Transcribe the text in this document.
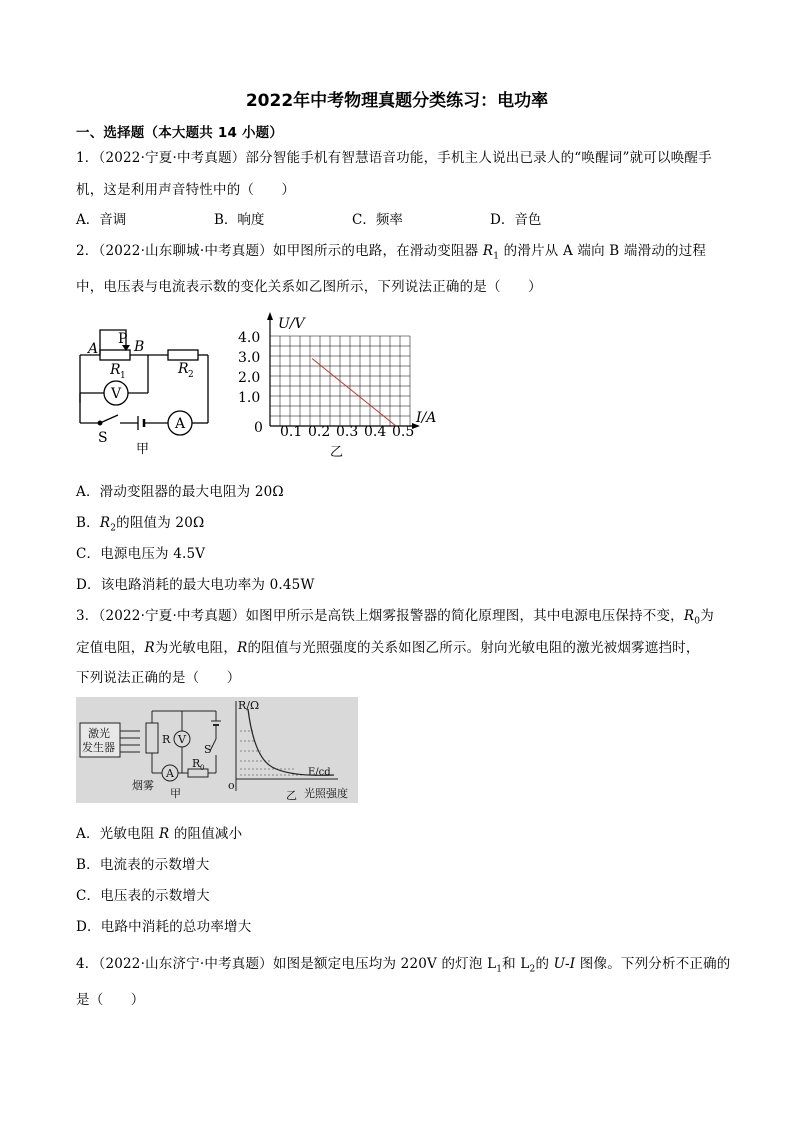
2022年中考物理真题分类练习：电功率
一、选择题（本大题共 14 小题）
1．（2022·宁夏·中考真题）部分智能手机有智慧语音功能，手机主人说出已录人的“唤醒词”就可以唤醒手
机，这是利用声音特性中的（　　）
A．音调	B．响度	C．频率	D．音色
2．（2022·山东聊城·中考真题）如甲图所示的电路，在滑动变阻器 $R_1$ 的滑片从 A 端向 B 端滑动的过程
中，电压表与电流表示数的变化关系如乙图所示，下列说法正确的是（　　）
A
P B
R 1	R 2
V
A
S
甲
U/V
4.0
3.0
2.0
1.0
0 0.1 0.2 0.3 0.4 0.5
I/A
乙
A．滑动变阻器的最大电阻为 20Ω
B．$R_2$的阻值为 20Ω
C．电源电压为 4.5V
D．该电路消耗的最大电功率为 0.45W
3．（2022·宁夏·中考真题）如图甲所示是高铁上烟雾报警器的简化原理图，其中电源电压保持不变，$R_0$为
定值电阻，R为光敏电阻，R的阻值与光照强度的关系如图乙所示。射向光敏电阻的激光被烟雾遮挡时，
下列说法正确的是（　　）
激光
发生器
R V
S
A
R 0
烟雾
甲
R/Ω
E/cd
o
乙 光照强度
A．光敏电阻 R 的阻值减小
B．电流表的示数增大
C．电压表的示数增大
D．电路中消耗的总功率增大
4．（2022·山东济宁·中考真题）如图是额定电压均为 220V 的灯泡 $L_1$和 $L_2$的 U-I 图像。下列分析不正确的
是（　　）
